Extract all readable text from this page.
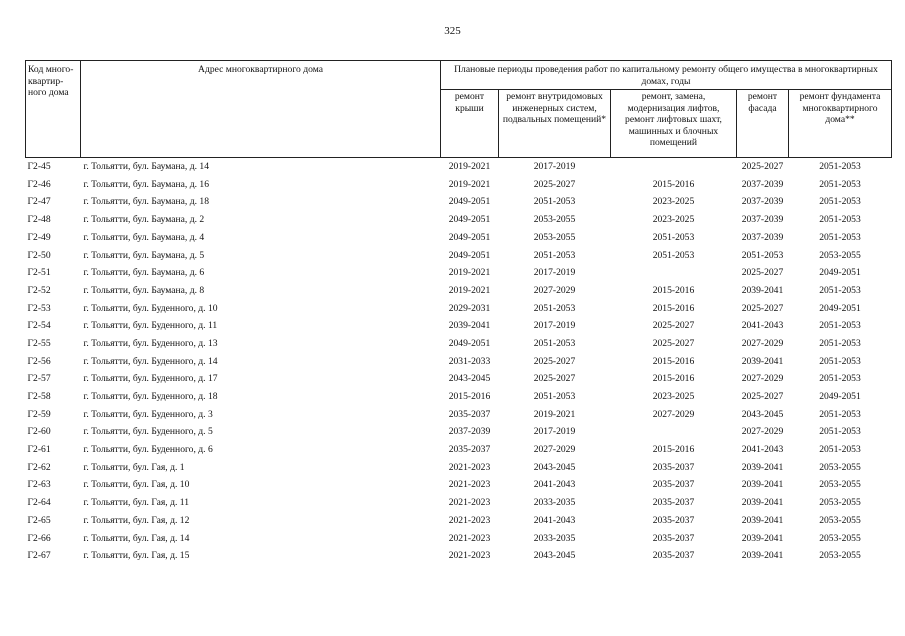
325
Код много-квартир-ного дома	Адрес многоквартирного дома	Плановые периоды проведения работ по капитальному ремонту общего имущества в многоквартирных домах, годы				
		ремонт крыши	ремонт внутридомовых инженерных систем, подвальных помещений*	ремонт, замена, модернизация лифтов, ремонт лифтовых шахт, машинных и блочных помещений	ремонт фасада	ремонт фундамента многоквартирного дома**
Г2-45	г. Тольятти, бул. Баумана, д. 14	2019-2021	2017-2019		2025-2027	2051-2053
Г2-46	г. Тольятти, бул. Баумана, д. 16	2019-2021	2025-2027	2015-2016	2037-2039	2051-2053
Г2-47	г. Тольятти, бул. Баумана, д. 18	2049-2051	2051-2053	2023-2025	2037-2039	2051-2053
Г2-48	г. Тольятти, бул. Баумана, д. 2	2049-2051	2053-2055	2023-2025	2037-2039	2051-2053
Г2-49	г. Тольятти, бул. Баумана, д. 4	2049-2051	2053-2055	2051-2053	2037-2039	2051-2053
Г2-50	г. Тольятти, бул. Баумана, д. 5	2049-2051	2051-2053	2051-2053	2051-2053	2053-2055
Г2-51	г. Тольятти, бул. Баумана, д. 6	2019-2021	2017-2019		2025-2027	2049-2051
Г2-52	г. Тольятти, бул. Баумана, д. 8	2019-2021	2027-2029	2015-2016	2039-2041	2051-2053
Г2-53	г. Тольятти, бул. Буденного, д. 10	2029-2031	2051-2053	2015-2016	2025-2027	2049-2051
Г2-54	г. Тольятти, бул. Буденного, д. 11	2039-2041	2017-2019	2025-2027	2041-2043	2051-2053
Г2-55	г. Тольятти, бул. Буденного, д. 13	2049-2051	2051-2053	2025-2027	2027-2029	2051-2053
Г2-56	г. Тольятти, бул. Буденного, д. 14	2031-2033	2025-2027	2015-2016	2039-2041	2051-2053
Г2-57	г. Тольятти, бул. Буденного, д. 17	2043-2045	2025-2027	2015-2016	2027-2029	2051-2053
Г2-58	г. Тольятти, бул. Буденного, д. 18	2015-2016	2051-2053	2023-2025	2025-2027	2049-2051
Г2-59	г. Тольятти, бул. Буденного, д. 3	2035-2037	2019-2021	2027-2029	2043-2045	2051-2053
Г2-60	г. Тольятти, бул. Буденного, д. 5	2037-2039	2017-2019		2027-2029	2051-2053
Г2-61	г. Тольятти, бул. Буденного, д. 6	2035-2037	2027-2029	2015-2016	2041-2043	2051-2053
Г2-62	г. Тольятти, бул. Гая, д. 1	2021-2023	2043-2045	2035-2037	2039-2041	2053-2055
Г2-63	г. Тольятти, бул. Гая, д. 10	2021-2023	2041-2043	2035-2037	2039-2041	2053-2055
Г2-64	г. Тольятти, бул. Гая, д. 11	2021-2023	2033-2035	2035-2037	2039-2041	2053-2055
Г2-65	г. Тольятти, бул. Гая, д. 12	2021-2023	2041-2043	2035-2037	2039-2041	2053-2055
Г2-66	г. Тольятти, бул. Гая, д. 14	2021-2023	2033-2035	2035-2037	2039-2041	2053-2055
Г2-67	г. Тольятти, бул. Гая, д. 15	2021-2023	2043-2045	2035-2037	2039-2041	2053-2055
